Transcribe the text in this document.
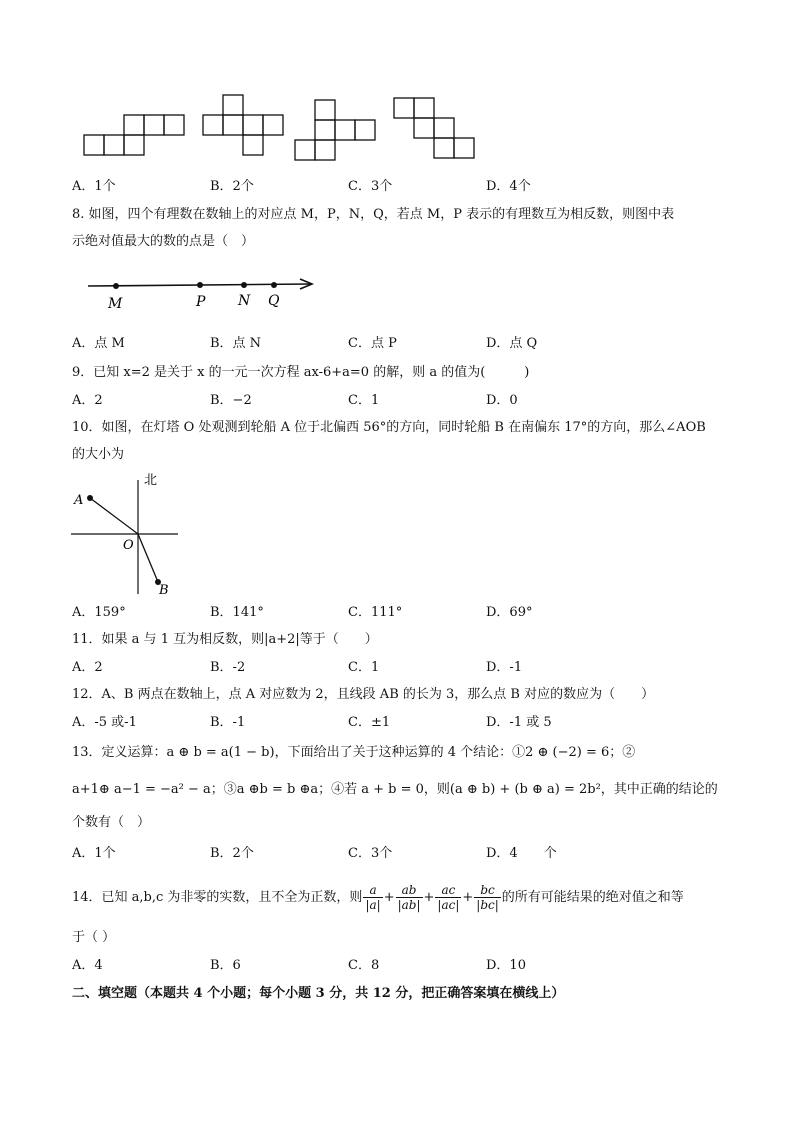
A．1个	B．2个	C．3个	D．4个
8. 如图，四个有理数在数轴上的对应点 M，P，N，Q，若点 M，P 表示的有理数互为相反数，则图中表
示绝对值最大的数的点是（　）
M	P N Q
A．点 M	B．点 N	C．点 P	D．点 Q
9．已知 x=2 是关于 x 的一元一次方程 ax-6+a=0 的解，则 a 的值为(　　　)
A．2	B．−2	C．1	D．0
10．如图，在灯塔 O 处观测到轮船 A 位于北偏西 56°的方向，同时轮船 B 在南偏东 17°的方向，那么∠AOB
的大小为
北
A
O
B
A．159°	B．141°	C．111°	D．69°
11．如果 a 与 1 互为相反数，则|a+2|等于（　　）
A．2	B．-2	C．1	D．-1
12．A、B 两点在数轴上，点 A 对应数为 2，且线段 AB 的长为 3，那么点 B 对应的数应为（　　）
A．-5 或-1	B．-1	C．±1	D．-1 或 5
13．定义运算：a ⊕ b = a(1 − b)，下面给出了关于这种运算的 4 个结论：①2 ⊕ (−2) = 6；②
a+1⊕ a−1 = −a² − a；③a ⊕b = b ⊕a；④若 a + b = 0，则(a ⊕ b) + (b ⊕ a) = 2b²，其中正确的结论的
个数有（　）
A．1个	B．2个	C．3个	D．4　　个
14．已知 a,b,c 为非零的实数，且不全为正数，则 $\frac{a}{|a|} + \frac{ab}{|ab|} + \frac{ac}{|ac|} + \frac{bc}{|bc|}$ 的所有可能结果的绝对值之和等
于（ ）
A．4	B．6	C．8	D．10
二、填空题（本题共 4 个小题；每个小题 3 分，共 12 分，把正确答案填在横线上）
